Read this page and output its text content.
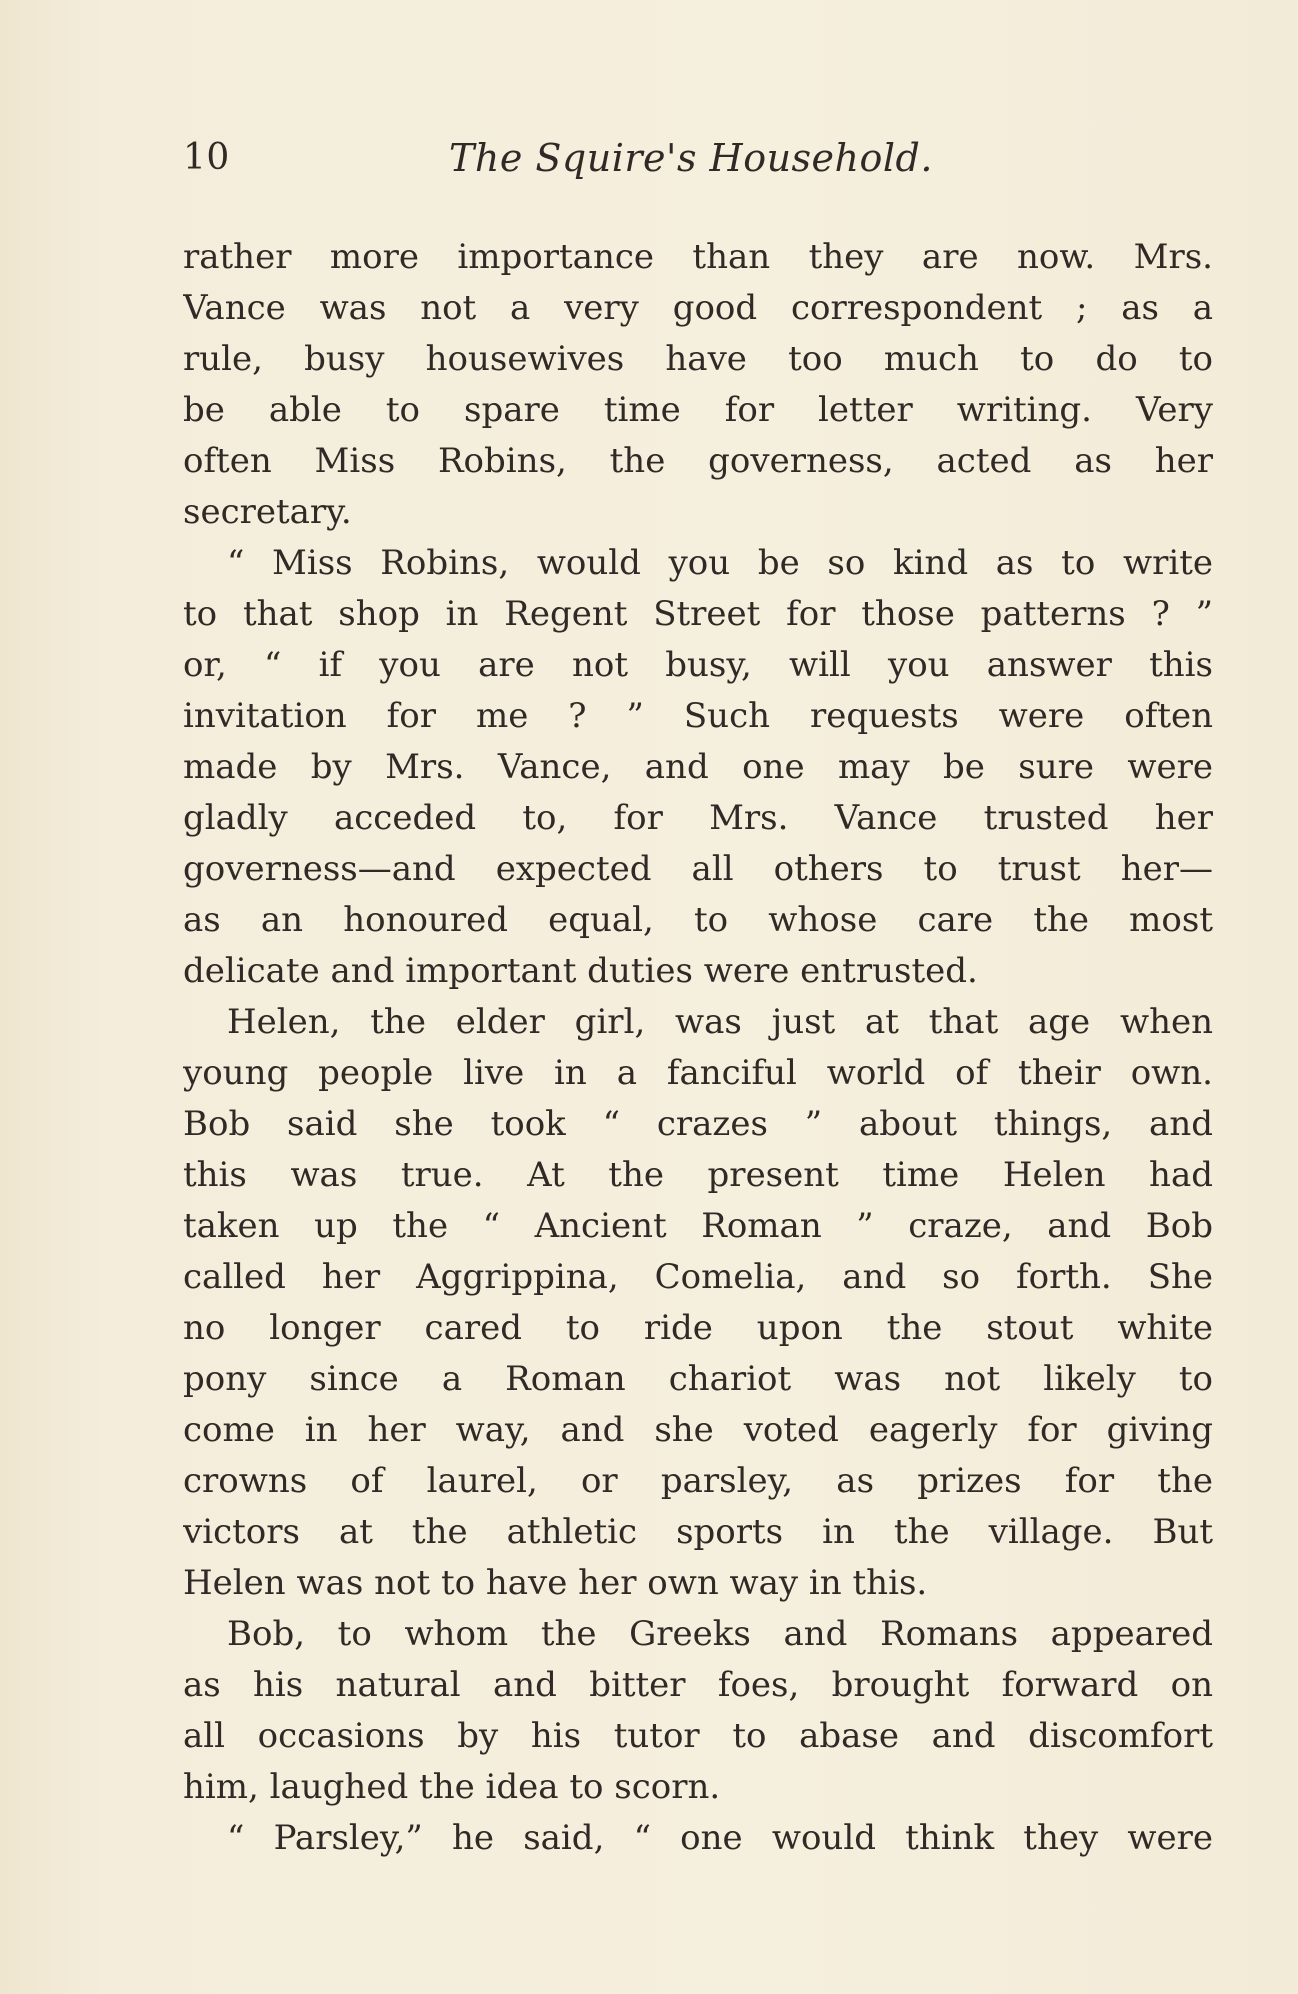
10	The Squire's Household.
rather more importance than they are now. Mrs.
Vance was not a very good correspondent ; as a
rule, busy housewives have too much to do to
be able to spare time for letter writing. Very
often Miss Robins, the governess, acted as her
secretary.
“ Miss Robins, would you be so kind as to write
to that shop in Regent Street for those patterns ? ”
or, “ if you are not busy, will you answer this
invitation for me ? ” Such requests were often
made by Mrs. Vance, and one may be sure were
gladly acceded to, for Mrs. Vance trusted her
governess—and expected all others to trust her—
as an honoured equal, to whose care the most
delicate and important duties were entrusted.
Helen, the elder girl, was just at that age when
young people live in a fanciful world of their own.
Bob said she took “ crazes ” about things, and
this was true. At the present time Helen had
taken up the “ Ancient Roman ” craze, and Bob
called her Aggrippina, Comelia, and so forth. She
no longer cared to ride upon the stout white
pony since a Roman chariot was not likely to
come in her way, and she voted eagerly for giving
crowns of laurel, or parsley, as prizes for the
victors at the athletic sports in the village. But
Helen was not to have her own way in this.
Bob, to whom the Greeks and Romans appeared
as his natural and bitter foes, brought forward on
all occasions by his tutor to abase and discomfort
him, laughed the idea to scorn.
“ Parsley,” he said, “ one would think they were
